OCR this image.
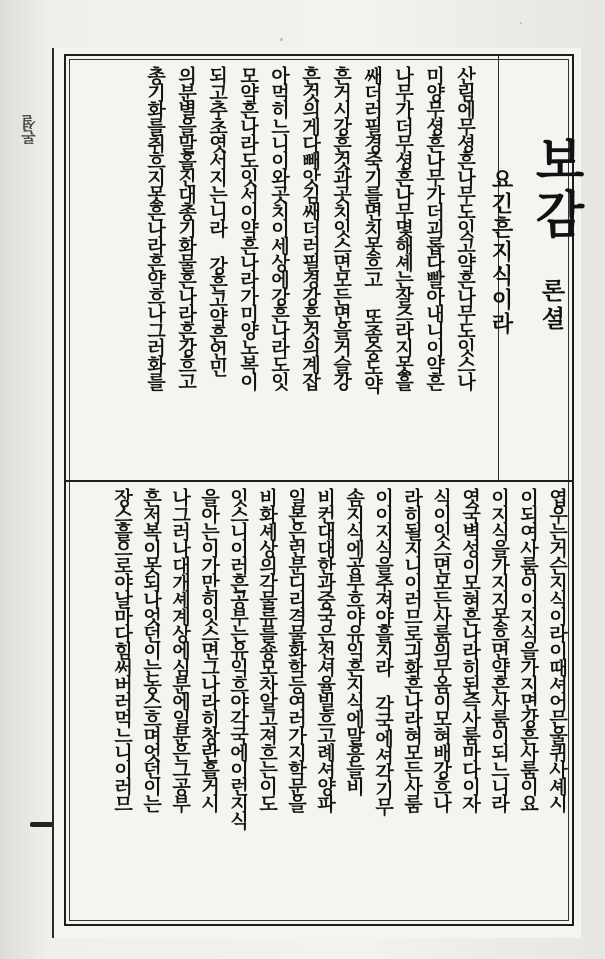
론셜
보감
론셜
요긴흔지식이라
산림에무셩흔나무도잇고약흔나무도잇스나
미양무셩흔나무가더괴롭다빨아내니이약흔
나무가더무셩흔나무몇해셰는잘즈라지못흘
쌔더러필경죽기를면치못흐고 또좀숭도약
흔거시강흔것과곳치잇스면모든면을거슬강
흔것의게다빼앗김쌔더러필경강흔것의계잡
아먹히느니이와곳치이세상에강흔나라도잇
모약흔나라도잇서이약흔나라가미양노복이
되고추초엿서지는니라 강흔고약흔언민
의분별을말홀진대총기화물흔나라흔강흐고
총기화를취흐지못흔나라흔약흐나그러화를
엽우는거슨지식이라이때셔어믄울퀴사셰시
이되여사룸이이지식을가지면강흔사룸이요
이지식을가지지못흐면약흔사룸이되느니라
엿국벽성이모혀흔나라히된즉사룸마다이자
식이잇스면모든사룸의무옴이모혀배강흐나
라히될지니이러므로긔화흔나라혀모든사룸
이이지식을추져야흘지라 각국에셔각기무
솜지식에공부흐야유익흔지식에말흥늘비
비컨대대한과중국은전셔율빌흐고례셔양파
일본은런분디리격물화학등여러가지학문을
비화셰상의각물류를숑모차알고져흐는이도
잇스니이러흔공부는유익흐야각국에이런지식
을아는이가만히잇스면그나라히창란흘거시
나그러나대개셰계상에심분에일분은그공부
흔저복이못되나엇던이는농스흐며엇던이는
장스흘으로야날마다힘써버러먹느니이러므
